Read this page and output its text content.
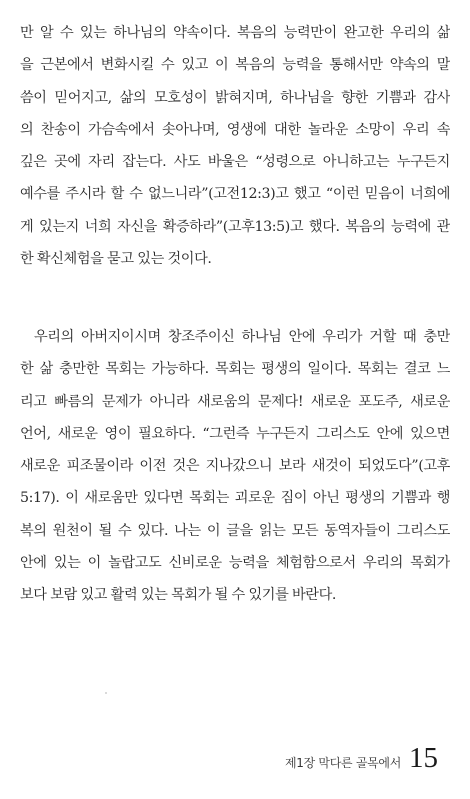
만 알 수 있는 하나님의 약속이다. 복음의 능력만이 완고한 우리의 삶
을 근본에서 변화시킬 수 있고 이 복음의 능력을 통해서만 약속의 말
씀이 믿어지고, 삶의 모호성이 밝혀지며, 하나님을 향한 기쁨과 감사
의 찬송이 가슴속에서 솟아나며, 영생에 대한 놀라운 소망이 우리 속
깊은 곳에 자리 잡는다. 사도 바울은 “성령으로 아니하고는 누구든지
예수를 주시라 할 수 없느니라”(고전12:3)고 했고 “이런 믿음이 너희에
게 있는지 너희 자신을 확증하라”(고후13:5)고 했다. 복음의 능력에 관
한 확신체험을 묻고 있는 것이다.
우리의 아버지이시며 창조주이신 하나님 안에 우리가 거할 때 충만
한 삶 충만한 목회는 가능하다. 목회는 평생의 일이다. 목회는 결코 느
리고 빠름의 문제가 아니라 새로움의 문제다! 새로운 포도주, 새로운
언어, 새로운 영이 필요하다. “그런즉 누구든지 그리스도 안에 있으면
새로운 피조물이라 이전 것은 지나갔으니 보라 새것이 되었도다”(고후
5:17). 이 새로움만 있다면 목회는 괴로운 짐이 아닌 평생의 기쁨과 행
복의 원천이 될 수 있다. 나는 이 글을 읽는 모든 동역자들이 그리스도
안에 있는 이 놀랍고도 신비로운 능력을 체험함으로서 우리의 목회가
보다 보람 있고 활력 있는 목회가 될 수 있기를 바란다.
제1장 막다른 골목에서 15
